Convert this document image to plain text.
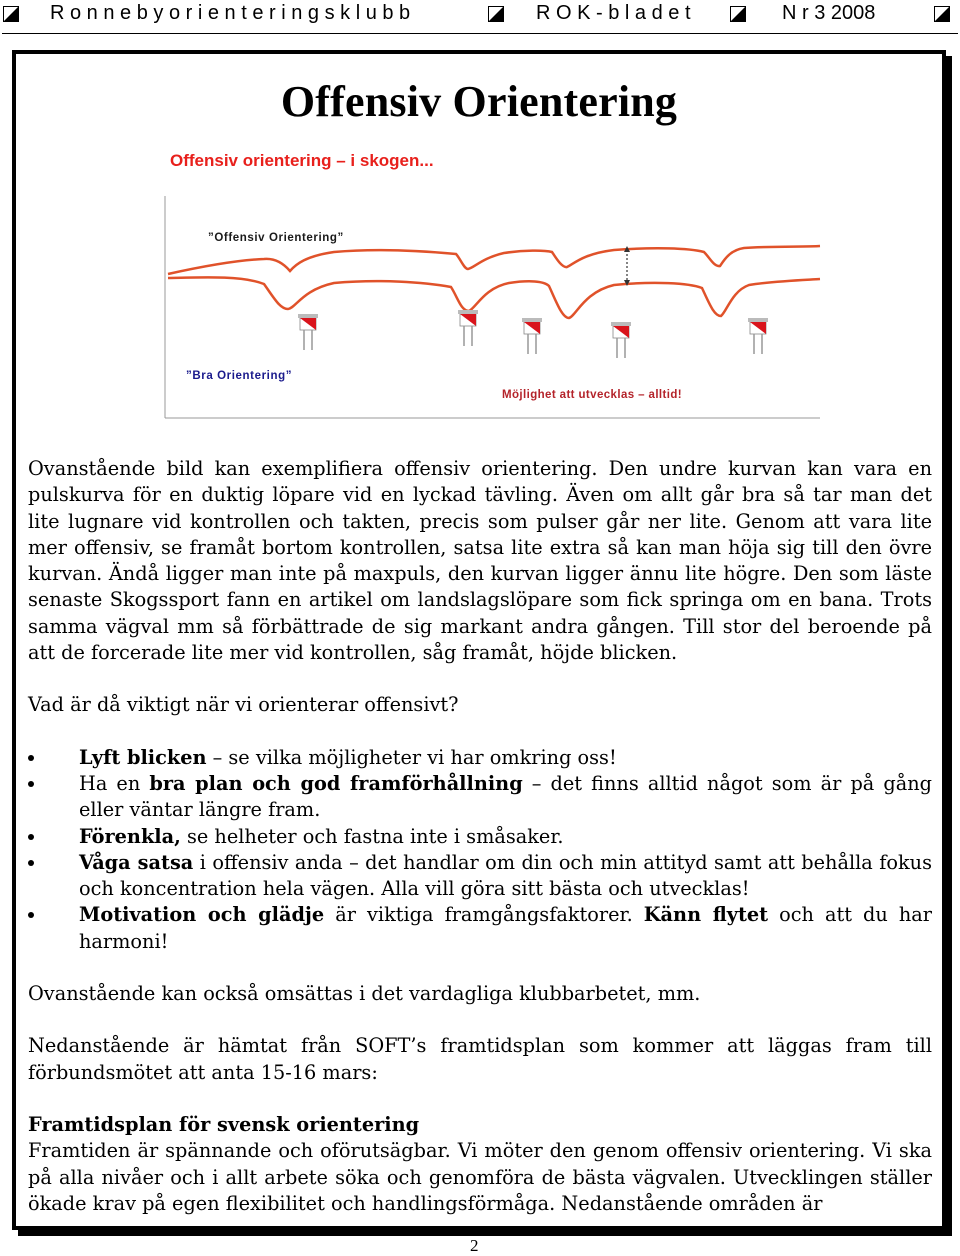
R o n n e b y o r i e n t e r i n g s k l u b b	R O K - b l a d e t	N r 3 2008
Offensiv Orientering
Offensiv orientering – i skogen...
”Offensiv Orientering”
”Bra Orientering”
Möjlighet att utvecklas – alltid!

Ovanstående bild kan exemplifiera offensiv orientering. Den undre kurvan kan vara en pulskurva för en duktig löpare vid en lyckad tävling. Även om allt går bra så tar man det lite lugnare vid kontrollen och takten, precis som pulser går ner lite. Genom att vara lite mer offensiv, se framåt bortom kontrollen, satsa lite extra så kan man höja sig till den övre kurvan. Ändå ligger man inte på maxpuls, den kurvan ligger ännu lite högre. Den som läste senaste Skogssport fann en artikel om landslagslöpare som fick springa om en bana. Trots samma vägval mm så förbättrade de sig markant andra gången. Till stor del beroende på att de forcerade lite mer vid kontrollen, såg framåt, höjde blicken.

Vad är då viktigt när vi orienterar offensivt?

Lyft blicken – se vilka möjligheter vi har omkring oss!
Ha en bra plan och god framförhållning – det finns alltid något som är på gång eller väntar längre fram.
Förenkla, se helheter och fastna inte i småsaker.
Våga satsa i offensiv anda – det handlar om din och min attityd samt att behålla fokus och koncentration hela vägen. Alla vill göra sitt bästa och utvecklas!
Motivation och glädje är viktiga framgångsfaktorer. Känn flytet och att du har harmoni!

Ovanstående kan också omsättas i det vardagliga klubbarbetet, mm.

Nedanstående är hämtat från SOFT’s framtidsplan som kommer att läggas fram till förbundsmötet att anta 15-16 mars:

Framtidsplan för svensk orientering

Framtiden är spännande och oförutsägbar. Vi möter den genom offensiv orientering. Vi ska på alla nivåer och i allt arbete söka och genomföra de bästa vägvalen. Utvecklingen ställer ökade krav på egen flexibilitet och handlingsförmåga. Nedanstående områden är

2
